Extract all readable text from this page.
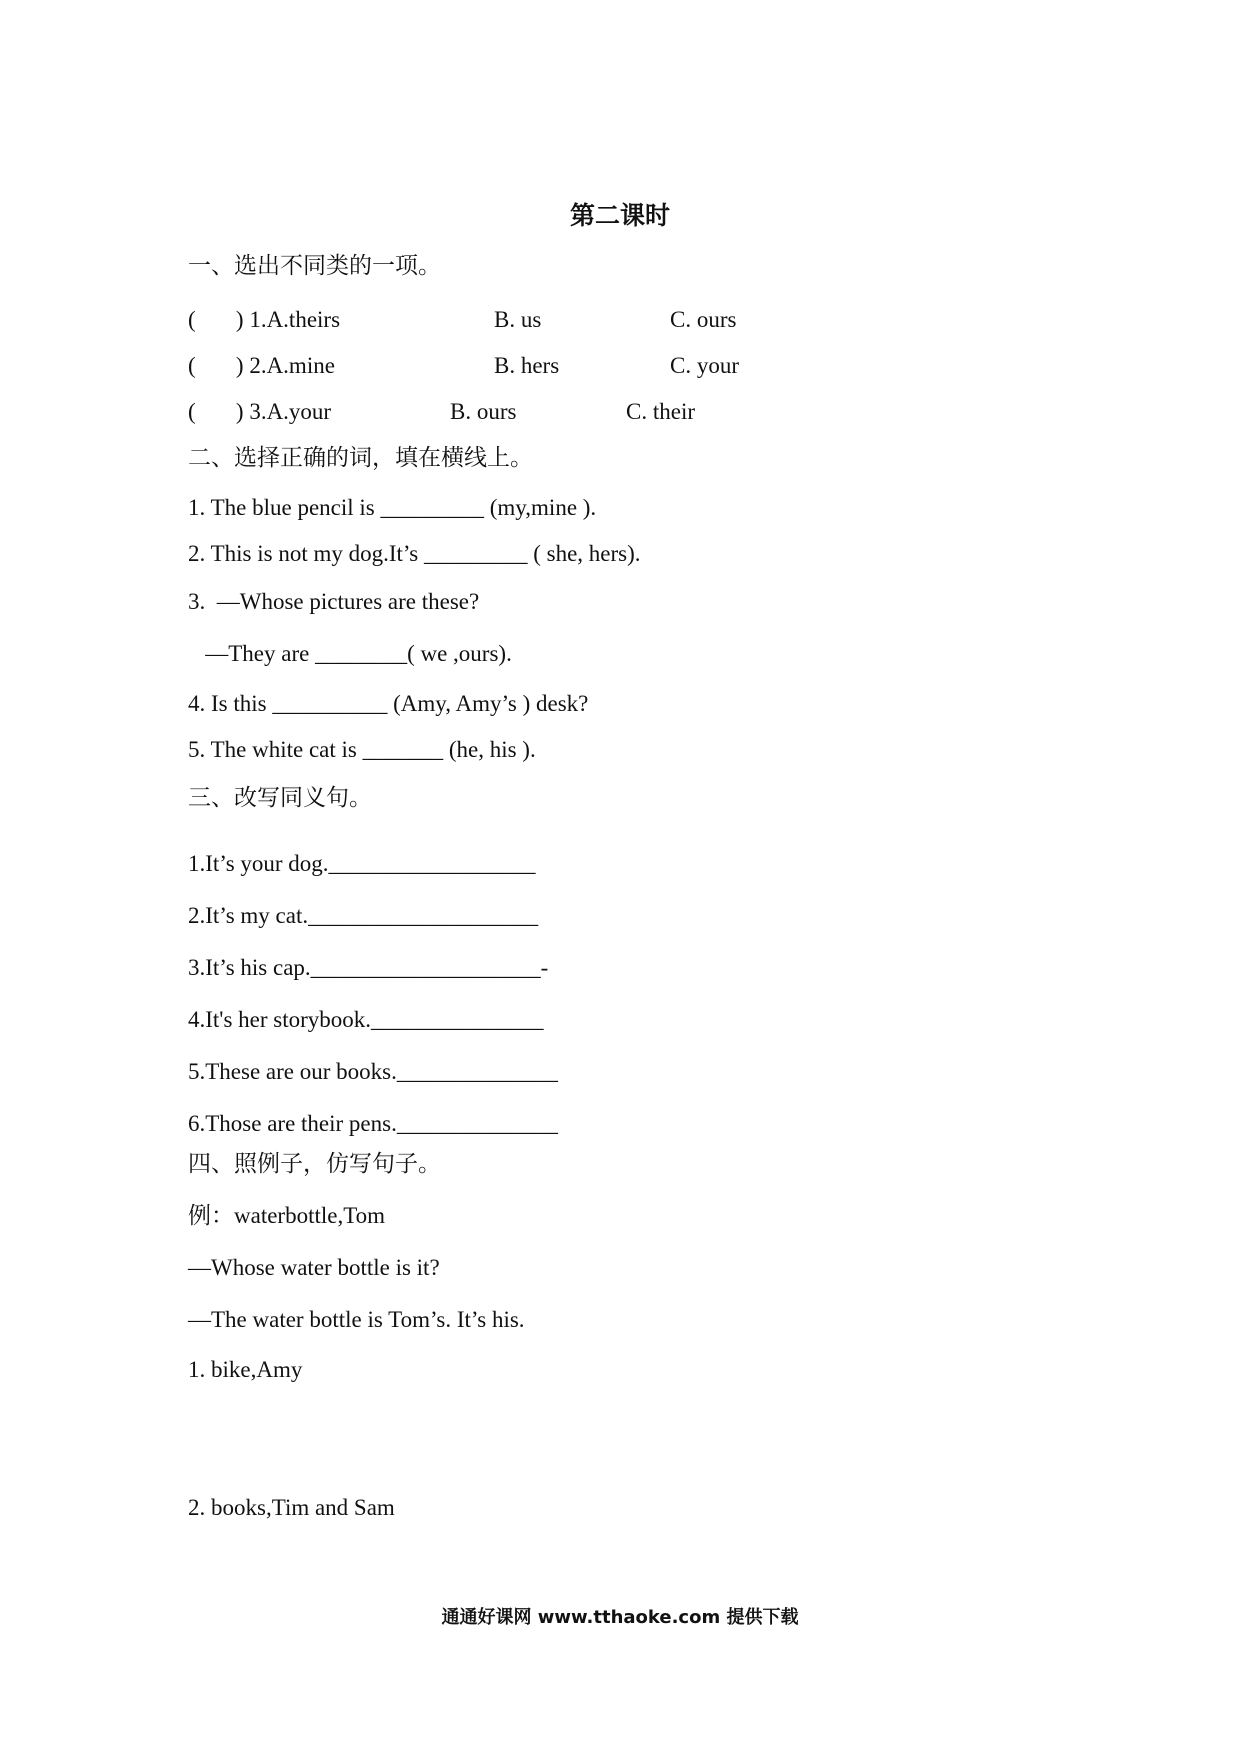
第二课时
一、选出不同类的一项。
(       ) 1.A.theirs	B. us	C. ours
(       ) 2.A.mine	B. hers	C. your
(       ) 3.A.your	B. ours	C. their
二、选择正确的词，填在横线上。
1. The blue pencil is _________ (my,mine ).
2. This is not my dog.It’s _________ ( she, hers).
3.  —Whose pictures are these?
—They are ________( we ,ours).
4. Is this __________ (Amy, Amy’s ) desk?
5. The white cat is _______ (he, his ).
三、改写同义句。
1.It’s your dog.__________________
2.It’s my cat.____________________
3.It’s his cap.____________________-
4.It's her storybook._______________
5.These are our books.______________
6.Those are their pens.______________
四、照例子，仿写句子。
例：waterbottle,Tom
—Whose water bottle is it?
—The water bottle is Tom’s. It’s his.
1. bike,Amy
2. books,Tim and Sam
通通好课网 www.tthaoke.com 提供下载
